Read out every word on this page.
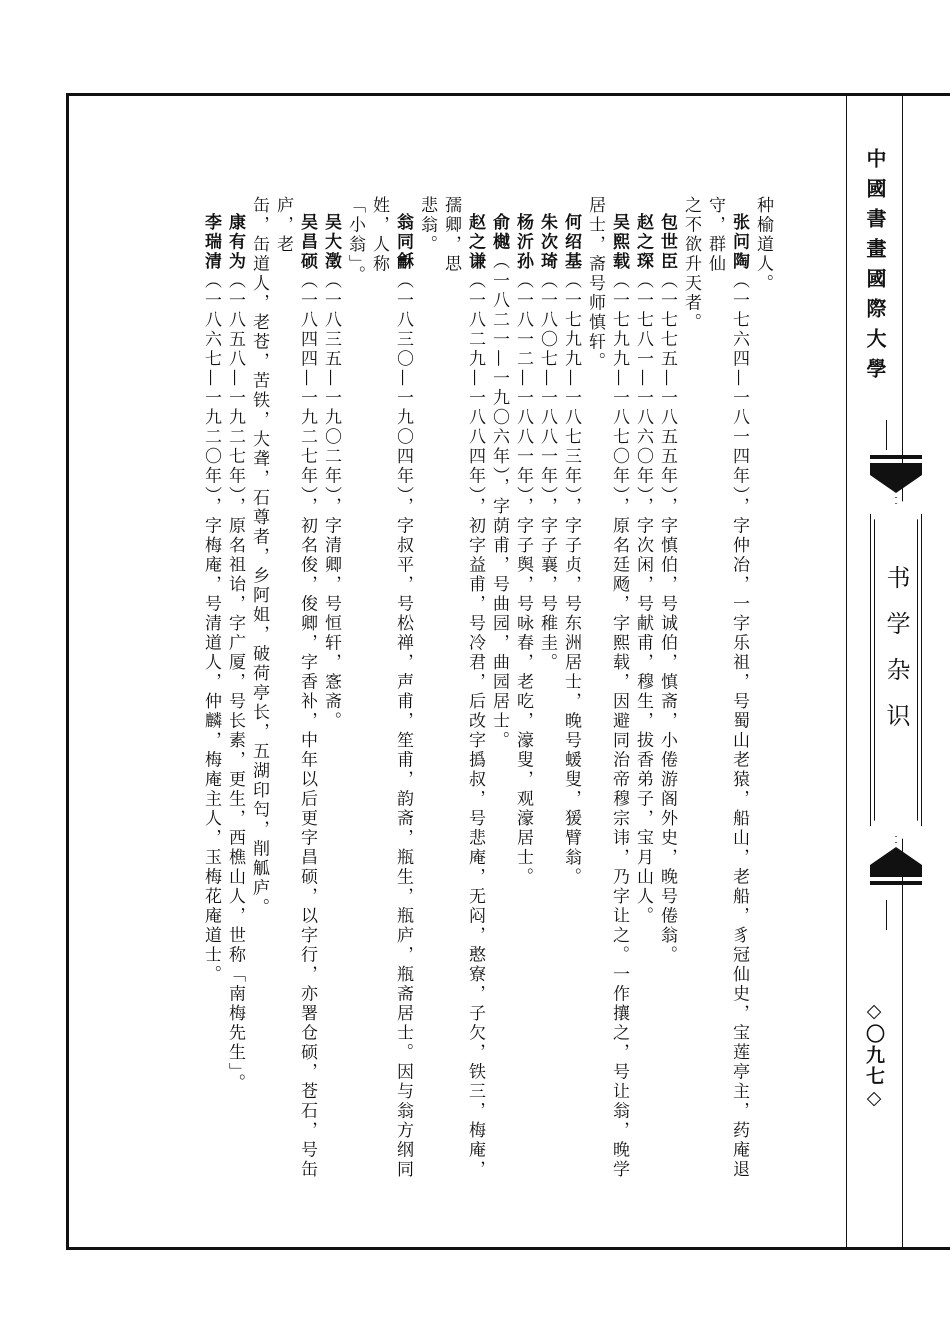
中國書畫國際大學
书学杂识
◇〇九七◇

种榆道人。

张问陶（一七六四—一八一四年），字仲冶，一字乐祖，号蜀山老猿，船山，老船，豸冠仙史，宝莲亭主，药庵退守，群仙

之不欲升天者。

包世臣（一七七五—一八五五年），字慎伯，号诚伯，慎斋，小倦游阁外史，晚号倦翁。

赵之琛（一七八一—一八六〇年），字次闲，号献甫，穆生，拔香弟子，宝月山人。

吴熙载（一七九九—一八七〇年），原名廷飏，字熙载，因避同治帝穆宗讳，乃字让之。一作攘之，号让翁，晚学

居士，斋号师慎轩。

何绍基（一七九九—一八七三年），字子贞，号东洲居士，晚号蝯叟，猨臂翁。

朱次琦（一八〇七—一八八一年），字子襄，号稚圭。

杨沂孙（一八一二—一八八一年），字子舆，号咏春，老吃，濠叟，观濠居士。

俞樾（一八二一—一九〇六年），字荫甫，号曲园，曲园居士。

赵之谦（一八二九—一八八四年），初字益甫，号冷君，后改字撝叔，号悲庵，无闷，憨寮，子欠，铁三，梅庵，孺卿，思

悲翁。

翁同龢（一八三〇—一九〇四年），字叔平，号松禅，声甫，笙甫，韵斋，瓶生，瓶庐，瓶斋居士。因与翁方纲同姓，人称

「小翁」。

吴大澂（一八三五—一九〇二年），字清卿，号恒轩，愙斋。

吴昌硕（一八四四—一九二七年），初名俊，俊卿，字香补，中年以后更字昌硕，以字行，亦署仓硕，苍石，号缶庐，老

缶，缶道人，老苍，苦铁，大聋，石尊者，乡阿姐，破荷亭长，五湖印匄，削觚庐。

康有为（一八五八—一九二七年），原名祖诒，字广厦，号长素，更生，西樵山人，世称「南梅先生」。

李瑞清（一八六七—一九二〇年），字梅庵，号清道人，仲麟，梅庵主人，玉梅花庵道士。
